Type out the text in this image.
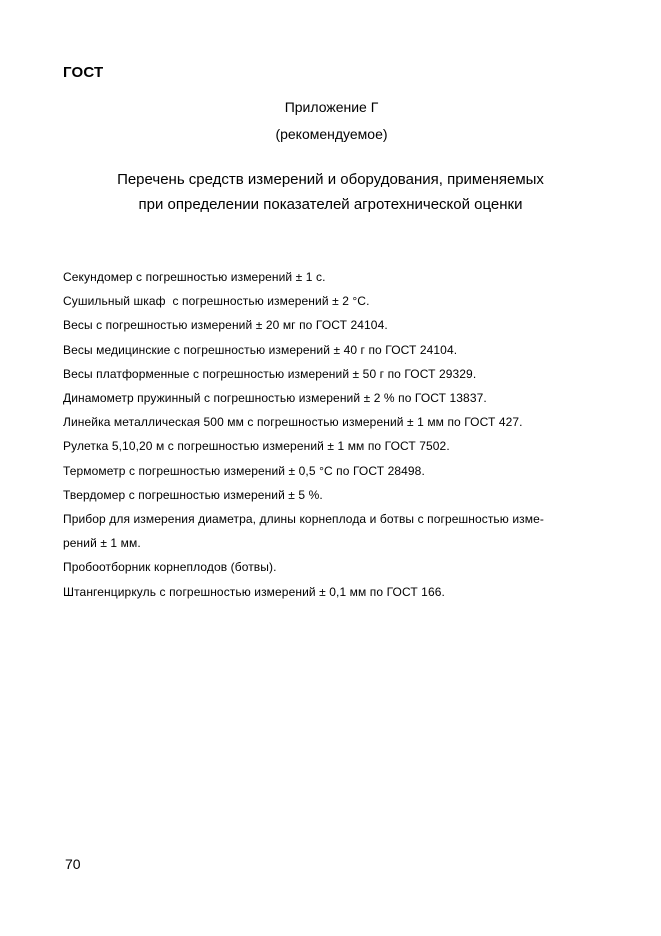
ГОСТ
Приложение Г
(рекомендуемое)
Перечень средств измерений и оборудования, применяемых
при определении показателей агротехнической оценки
Секундомер с погрешностью измерений ± 1 с.
Сушильный шкаф  с погрешностью измерений ± 2 °С.
Весы с погрешностью измерений ± 20 мг по ГОСТ 24104.
Весы медицинские с погрешностью измерений ± 40 г по ГОСТ 24104.
Весы платформенные с погрешностью измерений ± 50 г по ГОСТ 29329.
Динамометр пружинный с погрешностью измерений ± 2 % по ГОСТ 13837.
Линейка металлическая 500 мм с погрешностью измерений ± 1 мм по ГОСТ 427.
Рулетка 5,10,20 м с погрешностью измерений ± 1 мм по ГОСТ 7502.
Термометр с погрешностью измерений ± 0,5 °С по ГОСТ 28498.
Твердомер с погрешностью измерений ± 5 %.
Прибор для измерения диаметра, длины корнеплода и ботвы с погрешностью изме-
рений ± 1 мм.
Пробоотборник корнеплодов (ботвы).
Штангенциркуль с погрешностью измерений ± 0,1 мм по ГОСТ 166.
70
